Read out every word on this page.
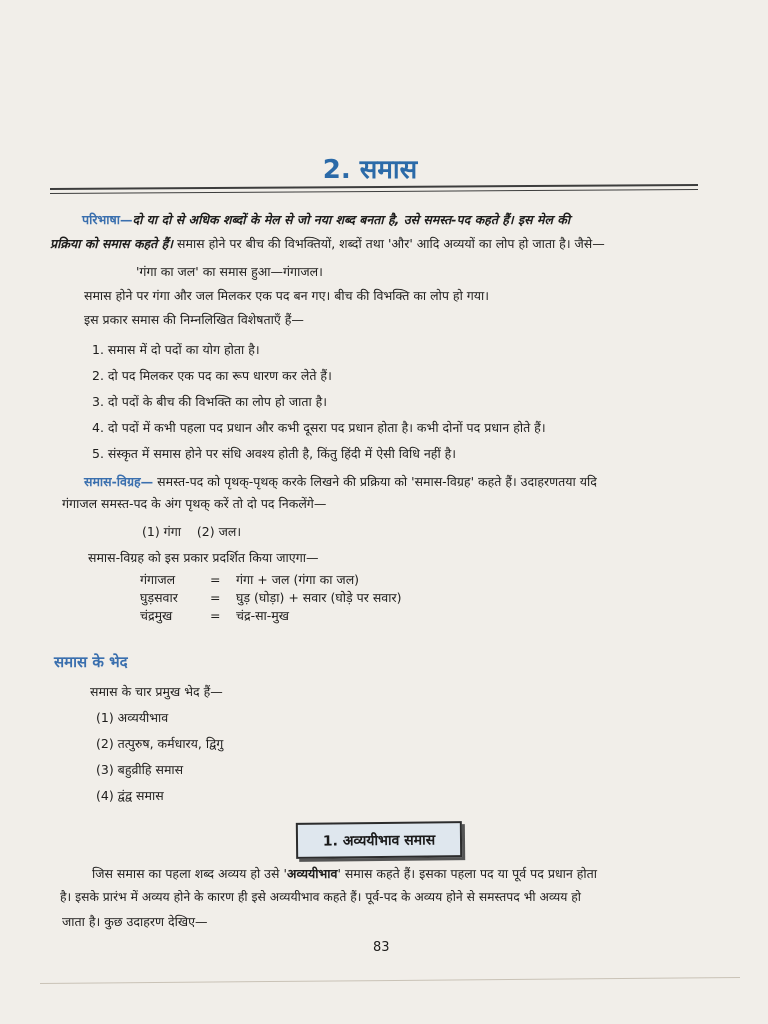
2. समास
परिभाषा—दो या दो से अधिक शब्दों के मेल से जो नया शब्द बनता है, उसे समस्त-पद कहते हैं। इस मेल की
प्रक्रिया को समास कहते हैं। समास होने पर बीच की विभक्तियों, शब्दों तथा 'और' आदि अव्ययों का लोप हो जाता है। जैसे—
'गंगा का जल' का समास हुआ—गंगाजल।
समास होने पर गंगा और जल मिलकर एक पद बन गए। बीच की विभक्ति का लोप हो गया।
इस प्रकार समास की निम्नलिखित विशेषताएँ हैं—
1. समास में दो पदों का योग होता है।
2. दो पद मिलकर एक पद का रूप धारण कर लेते हैं।
3. दो पदों के बीच की विभक्ति का लोप हो जाता है।
4. दो पदों में कभी पहला पद प्रधान और कभी दूसरा पद प्रधान होता है। कभी दोनों पद प्रधान होते हैं।
5. संस्कृत में समास होने पर संधि अवश्य होती है, किंतु हिंदी में ऐसी विधि नहीं है।
समास-विग्रह— समस्त-पद को पृथक्-पृथक् करके लिखने की प्रक्रिया को 'समास-विग्रह' कहते हैं। उदाहरणतया यदि
गंगाजल समस्त-पद के अंग पृथक् करें तो दो पद निकलेंगे—
(1) गंगा    (2) जल।
समास-विग्रह को इस प्रकार प्रदर्शित किया जाएगा—
गंगाजल	= गंगा + जल (गंगा का जल)
घुड़सवार	= घुड़ (घोड़ा) + सवार (घोड़े पर सवार)
चंद्रमुख	= चंद्र-सा-मुख
समास के भेद
समास के चार प्रमुख भेद हैं—
(1) अव्ययीभाव
(2) तत्पुरुष, कर्मधारय, द्विगु
(3) बहुव्रीहि समास
(4) द्वंद्व समास
1. अव्ययीभाव समास
जिस समास का पहला शब्द अव्यय हो उसे 'अव्ययीभाव' समास कहते हैं। इसका पहला पद या पूर्व पद प्रधान होता
है। इसके प्रारंभ में अव्यय होने के कारण ही इसे अव्ययीभाव कहते हैं। पूर्व-पद के अव्यय होने से समस्तपद भी अव्यय हो
जाता है। कुछ उदाहरण देखिए—
83
